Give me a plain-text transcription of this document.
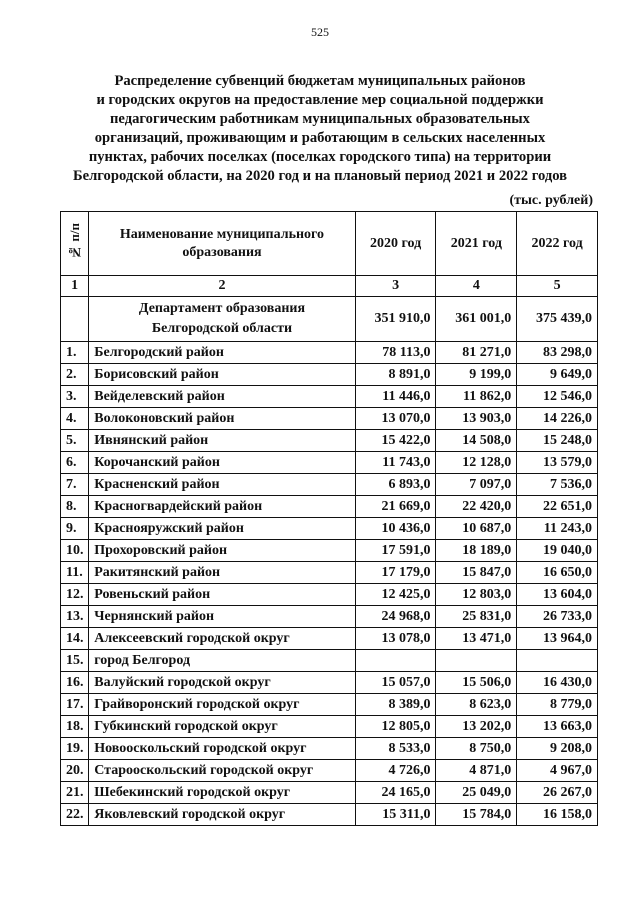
525
Распределение субвенций бюджетам муниципальных районов
и городских округов на предоставление мер социальной поддержки
педагогическим работникам муниципальных образовательных
организаций, проживающим и работающим в сельских населенных
пунктах, рабочих поселках (поселках городского типа) на территории
Белгородской области, на 2020 год и на плановый период 2021 и 2022 годов
(тыс. рублей)
№ п/п	Наименование муниципального образования	2020 год	2021 год	2022 год
1	2	3	4	5
	Департамент образования Белгородской области	351 910,0	361 001,0	375 439,0
1.	Белгородский район	78 113,0	81 271,0	83 298,0
2.	Борисовский район	8 891,0	9 199,0	9 649,0
3.	Вейделевский район	11 446,0	11 862,0	12 546,0
4.	Волоконовский район	13 070,0	13 903,0	14 226,0
5.	Ивнянский район	15 422,0	14 508,0	15 248,0
6.	Корочанский район	11 743,0	12 128,0	13 579,0
7.	Красненский район	6 893,0	7 097,0	7 536,0
8.	Красногвардейский район	21 669,0	22 420,0	22 651,0
9.	Краснояружский район	10 436,0	10 687,0	11 243,0
10.	Прохоровский район	17 591,0	18 189,0	19 040,0
11.	Ракитянский район	17 179,0	15 847,0	16 650,0
12.	Ровеньский район	12 425,0	12 803,0	13 604,0
13.	Чернянский район	24 968,0	25 831,0	26 733,0
14.	Алексеевский городской округ	13 078,0	13 471,0	13 964,0
15.	город Белгород			
16.	Валуйский городской округ	15 057,0	15 506,0	16 430,0
17.	Грайворонский городской округ	8 389,0	8 623,0	8 779,0
18.	Губкинский городской округ	12 805,0	13 202,0	13 663,0
19.	Новооскольский городской округ	8 533,0	8 750,0	9 208,0
20.	Старооскольский городской округ	4 726,0	4 871,0	4 967,0
21.	Шебекинский городской округ	24 165,0	25 049,0	26 267,0
22.	Яковлевский городской округ	15 311,0	15 784,0	16 158,0
